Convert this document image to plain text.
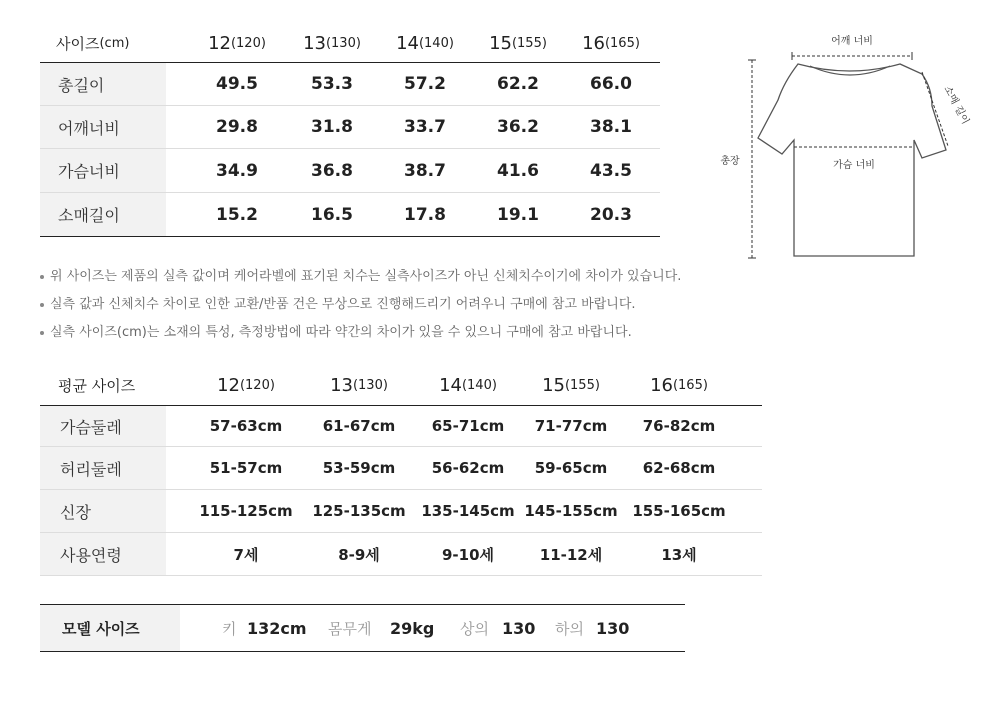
사이즈 (cm)	12 (120) 13 (130) 14 (140) 15 (155) 16 (165)
총길이	49.5	53.3	57.2	62.2	66.0
어깨너비	29.8	31.8	33.7	36.2	38.1
가슴너비	34.9	36.8	38.7	41.6	43.5
소매길이	15.2	16.5	17.8	19.1	20.3
위 사이즈는 제품의 실측 값이며 케어라벨에 표기된 치수는 실측사이즈가 아닌 신체치수이기에 차이가 있습니다.
실측 값과 신체치수 차이로 인한 교환/반품 건은 무상으로 진행해드리기 어려우니 구매에 참고 바랍니다.
실측 사이즈(cm)는 소재의 특성, 측정방법에 따라 약간의 차이가 있을 수 있으니 구매에 참고 바랍니다.
평균 사이즈	12 (120)	13 (130)	14 (140)	15 (155)	16 (165)
가슴둘레	57-63cm	61-67cm	65-71cm	71-77cm	76-82cm
허리둘레	51-57cm	53-59cm	56-62cm	59-65cm	62-68cm
신장	115-125cm	125-135cm	135-145cm 145-155cm 155-165cm
사용연령	7세	8-9세	9-10세	11-12세	13세
모델 사이즈	키 132cm 몸무게 29kg 상의 130 하의 130
어깨 너비
소매 길이
가슴 너비
총장
